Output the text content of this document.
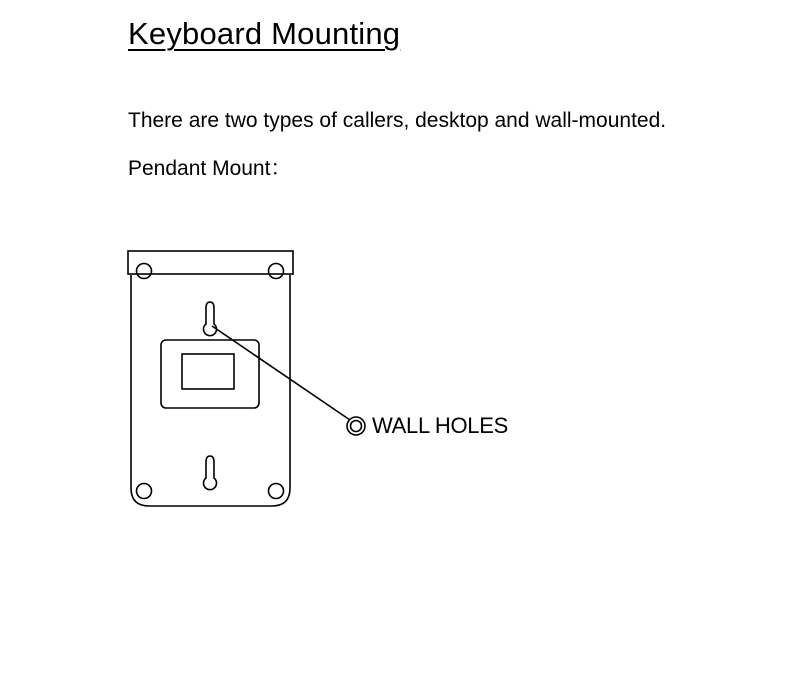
Keyboard Mounting

There are two types of callers, desktop and wall-mounted.

Pendant Mount：

WALL HOLES
